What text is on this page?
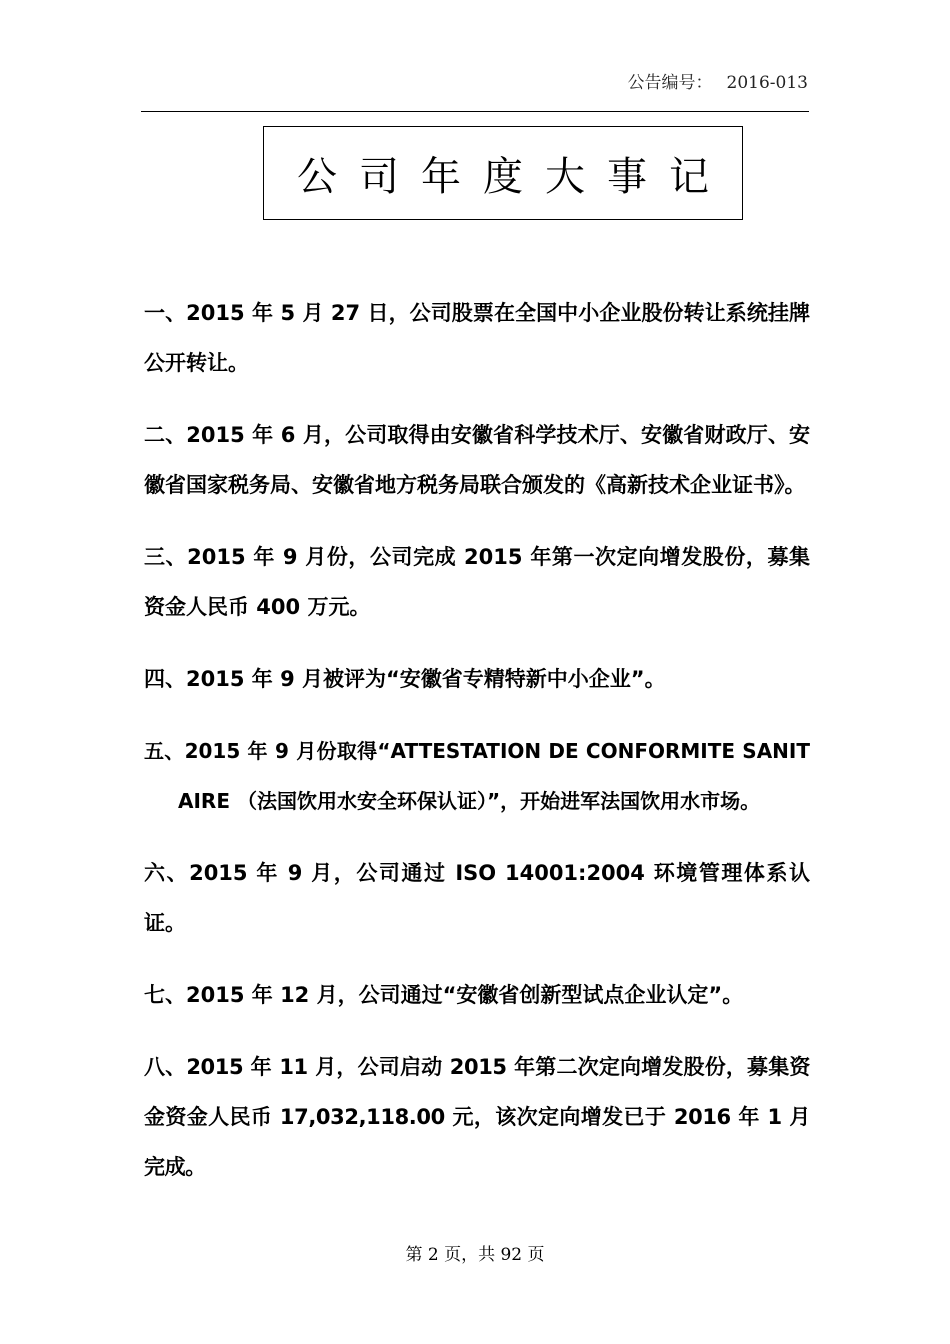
公告编号： 2016-013
公司年度大事记

一、2015 年 5 月 27 日，公司股票在全国中小企业股份转让系统挂牌公开转让。

二、2015 年 6 月，公司取得由安徽省科学技术厅、安徽省财政厅、安徽省国家税务局、安徽省地方税务局联合颁发的《高新技术企业证书》。

三、2015 年 9 月份，公司完成 2015 年第一次定向增发股份，募集资金人民币 400 万元。

四、2015 年 9 月被评为“安徽省专精特新中小企业”。

五、2015 年 9 月份取得“ATTESTATION DE CONFORMITE SANITAIRE （法国饮用水安全环保认证）”，开始进军法国饮用水市场。

六、2015 年 9 月，公司通过 ISO 14001:2004 环境管理体系认证。

七、2015 年 12 月，公司通过“安徽省创新型试点企业认定”。

八、2015 年 11 月，公司启动 2015 年第二次定向增发股份，募集资金资金人民币 17,032,118.00 元，该次定向增发已于 2016 年 1 月完成。

第 2 页，共 92 页
